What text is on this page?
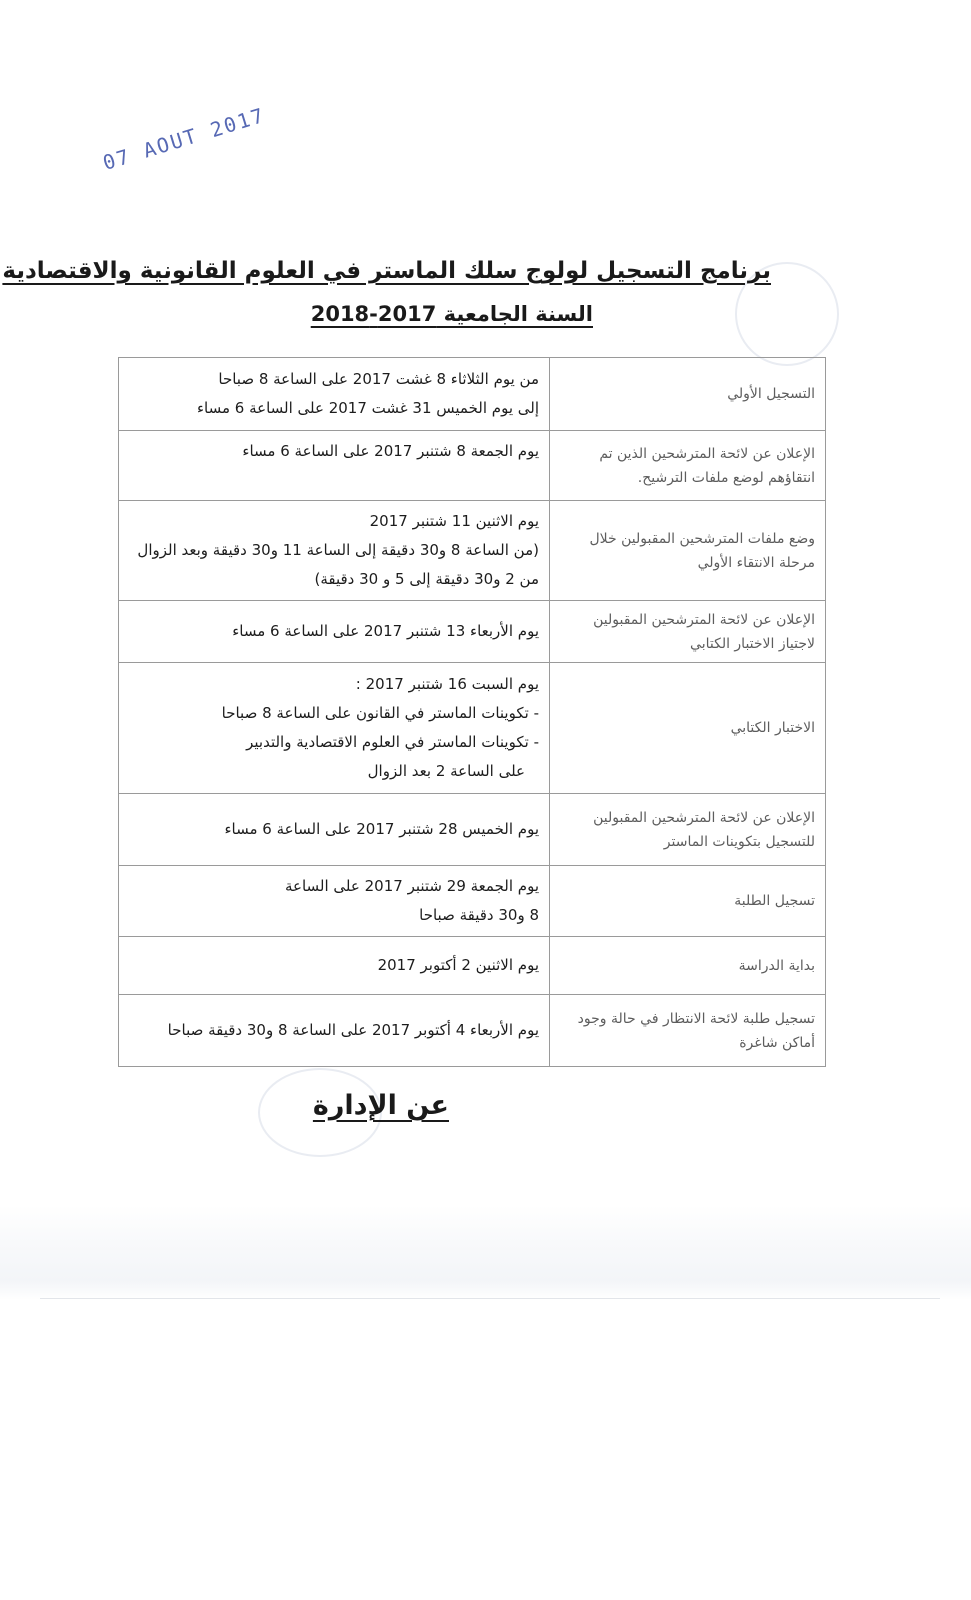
07 AOUT 2017
برنامج التسجيل لولوج سلك الماستر في العلوم القانونية والاقتصادية
السنة الجامعية 2017-2018
التسجيل الأولي	من يوم الثلاثاء 8 غشت 2017 على الساعة 8 صباحا
إلى يوم الخميس 31 غشت 2017 على الساعة 6 مساء

الإعلان عن لائحة المترشحين الذين تم انتقاؤهم لوضع ملفات الترشيح.	يوم الجمعة 8 شتنبر 2017 على الساعة 6 مساء

وضع ملفات المترشحين المقبولين خلال مرحلة الانتقاء الأولي	يوم الاثنين 11 شتنبر 2017
(من الساعة 8 و30 دقيقة إلى الساعة 11 و30 دقيقة وبعد الزوال من 2 و30 دقيقة إلى 5 و 30 دقيقة)

الإعلان عن لائحة المترشحين المقبولين لاجتياز الاختبار الكتابي	يوم الأربعاء 13 شتنبر 2017 على الساعة 6 مساء

الاختبار الكتابي	يوم السبت 16 شتنبر 2017 :
- تكوينات الماستر في القانون على الساعة 8 صباحا
- تكوينات الماستر في العلوم الاقتصادية والتدبير
على الساعة 2 بعد الزوال

الإعلان عن لائحة المترشحين المقبولين للتسجيل بتكوينات الماستر	يوم الخميس 28 شتنبر 2017 على الساعة 6 مساء

تسجيل الطلبة	يوم الجمعة 29 شتنبر 2017 على الساعة
8 و30 دقيقة صباحا

بداية الدراسة	يوم الاثنين 2 أكتوبر 2017

تسجيل طلبة لائحة الانتظار في حالة وجود أماكن شاغرة	يوم الأربعاء 4 أكتوبر 2017 على الساعة 8 و30 دقيقة صباحا
عن الإدارة
